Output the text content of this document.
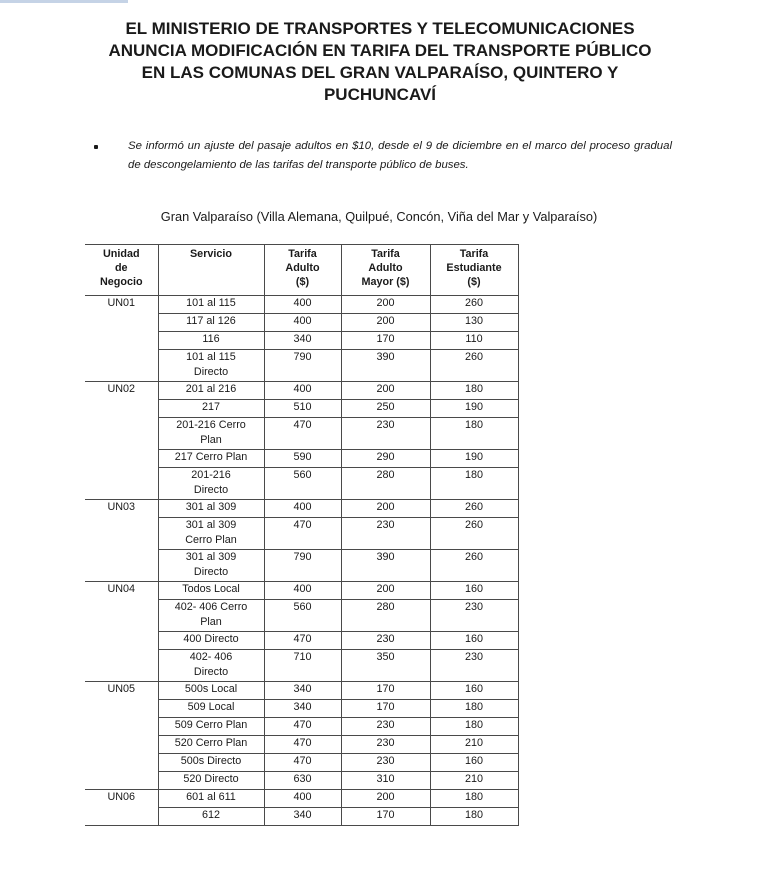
EL MINISTERIO DE TRANSPORTES Y TELECOMUNICACIONES
ANUNCIA MODIFICACIÓN EN TARIFA DEL TRANSPORTE PÚBLICO
EN LAS COMUNAS DEL GRAN VALPARAÍSO, QUINTERO Y
PUCHUNCAVÍ
Se informó un ajuste del pasaje adultos en $10, desde el 9 de diciembre en el marco del proceso gradual de descongelamiento de las tarifas del transporte público de buses.

Gran Valparaíso (Villa Alemana, Quilpué, Concón, Viña del Mar y Valparaíso)

Unidad
de
Negocio	Servicio	Tarifa
Adulto
($)	Tarifa
Adulto
Mayor ($)	Tarifa
Estudiante
($)
UN01	101 al 115	400	200	260
	117 al 126	400	200	130
	116	340	170	110
	101 al 115
Directo	790	390	260
UN02	201 al 216	400	200	180
	217	510	250	190
	201-216 Cerro
Plan	470	230	180
	217 Cerro Plan	590	290	190
	201-216
Directo	560	280	180
UN03	301 al 309	400	200	260
	301 al 309
Cerro Plan	470	230	260
	301 al 309
Directo	790	390	260
UN04	Todos Local	400	200	160
	402- 406 Cerro
Plan	560	280	230
	400 Directo	470	230	160
	402- 406
Directo	710	350	230
UN05	500s Local	340	170	160
	509 Local	340	170	180
	509 Cerro Plan	470	230	180
	520 Cerro Plan	470	230	210
	500s Directo	470	230	160
	520 Directo	630	310	210
UN06	601 al 611	400	200	180
	612	340	170	180
